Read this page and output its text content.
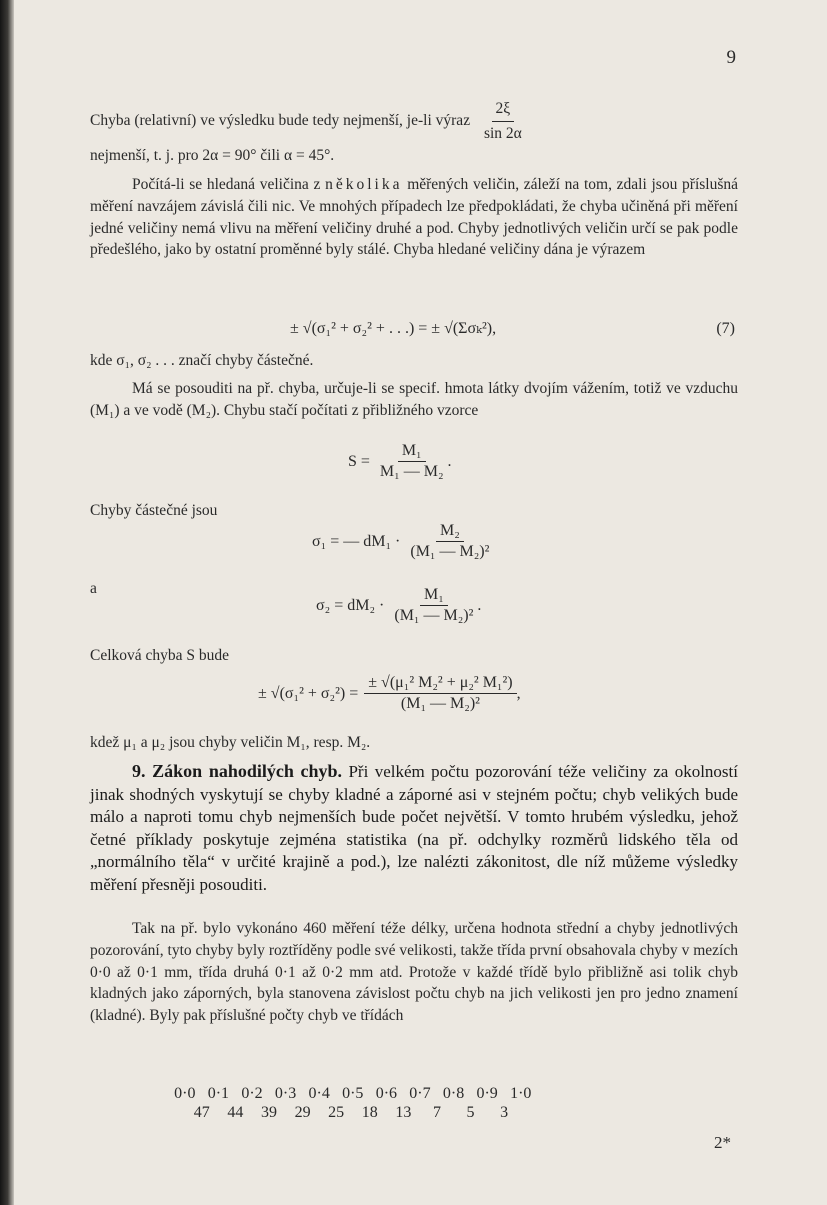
9

Chyba (relativní) ve výsledku bude tedy nejmenší, je-li výraz $\frac{2\xi}{\sin 2\alpha}$

nejmenší, t. j. pro 2α = 90° čili α = 45°.

Počítá-li se hledaná veličina z několika měřených veličin, záleží na tom, zdali jsou příslušná měření navzájem závislá čili nic. Ve mnohých případech lze předpokládati, že chyba učiněná při měření jedné veličiny nemá vlivu na měření veličiny druhé a pod. Chyby jednotlivých veličin určí se pak podle předešlého, jako by ostatní proměnné byly stálé. Chyba hledané veličiny dána je výrazem

± √(σ₁² + σ₂² + . . .) = ± √(Σσₖ²),	(7)
kde σ₁, σ₂ . . . značí chyby částečné.

Má se posouditi na př. chyba, určuje-li se specif. hmota látky dvojím vážením, totiž ve vzduchu (M₁) a ve vodě (M₂). Chybu stačí počítati z přibližného vzorce

$S = \frac{\text{M₁}}{\text{M₁ — M₂}}$ .
Chyby částečné jsou
σ₁ = — $dM_1 \cdot \frac{\text{M₂}}{\text{(M₁ — M₂)²}}$
a
$\sigma_2 = dM_2 \cdot \frac{\text{M₁}}{\text{(M₁ — M₂)²}}$ .
Celková chyba S bude
± $√(\sigma_1^2 + \sigma_2^2) = \frac{\text{± √(μ₁² M₂² + μ₂² M₁²)}}{\text{(M₁ — M₂)²}}$ ,
kdež μ₁ a μ₂ jsou chyby veličin M₁, resp. M₂.

9. Zákon nahodilých chyb. Při velkém počtu pozorování téže veličiny za okolností jinak shodných vyskytují se chyby kladné a záporné asi v stejném počtu; chyb velikých bude málo a naproti tomu chyb nejmenších bude počet největší. V tomto hrubém výsledku, jehož četné příklady poskytuje zejména statistika (na př. odchylky rozměrů lidského těla od „normálního těla“ v určité krajině a pod.), lze nalézti zákonitost, dle níž můžeme výsledky měření přesněji posouditi.

Tak na př. bylo vykonáno 460 měření téže délky, určena hodnota střední a chyby jednotlivých pozorování, tyto chyby byly roztříděny podle své velikosti, takže třída první obsahovala chyby v mezích 0·0 až 0·1 mm, třída druhá 0·1 až 0·2 mm atd. Protože v každé třídě bylo přibližně asi tolik chyb kladných jako záporných, byla stanovena závislost počtu chyb na jich velikosti jen pro jedno znamení (kladné). Byly pak příslušné počty chyb ve třídách

0·0 0·1 0·2 0·3 0·4 0·5 0·6 0·7 0·8 0·9 1·0
47	44	39	29	25	18	13	7	5	3
2*
